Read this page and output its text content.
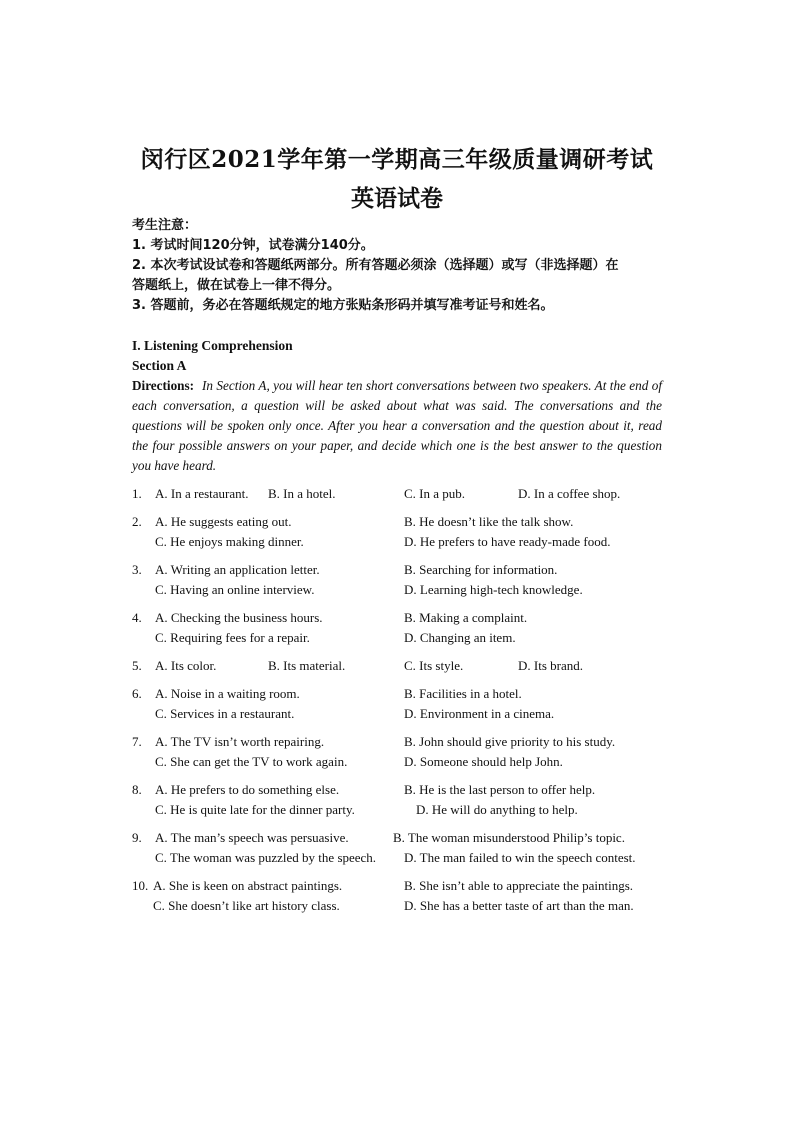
闵行区2021学年第一学期高三年级质量调研考试
英语试卷
考生注意：
1. 考试时间120分钟，试卷满分140分。
2. 本次考试设试卷和答题纸两部分。所有答题必须涂（选择题）或写（非选择题）在
答题纸上，做在试卷上一律不得分。
3. 答题前，务必在答题纸规定的地方张贴条形码并填写准考证号和姓名。
I. Listening Comprehension
Section A
Directions: In Section A, you will hear ten short conversations between two speakers. At the end of each conversation, a question will be asked about what was said. The conversations and the questions will be spoken only once. After you hear a conversation and the question about it, read the four possible answers on your paper, and decide which one is the best answer to the question you have heard.
1. A. In a restaurant. B. In a hotel.	C. In a pub.	D. In a coffee shop.
2. A. He suggests eating out.	B. He doesn’t like the talk show.
C. He enjoys making dinner.	D. He prefers to have ready-made food.
3. A. Writing an application letter.	B. Searching for information.
C. Having an online interview.	D. Learning high-tech knowledge.
4. A. Checking the business hours.	B. Making a complaint.
C. Requiring fees for a repair.	D. Changing an item.
5. A. Its color.	B. Its material.	C. Its style.	D. Its brand.
6. A. Noise in a waiting room.	B. Facilities in a hotel.
C. Services in a restaurant.	D. Environment in a cinema.
7. A. The TV isn’t worth repairing.	B. John should give priority to his study.
C. She can get the TV to work again.	D. Someone should help John.
8. A. He prefers to do something else.	B. He is the last person to offer help.
C. He is quite late for the dinner party.	D. He will do anything to help.
9. A. The man’s speech was persuasive.	B. The woman misunderstood Philip’s topic.
C. The woman was puzzled by the speech. D. The man failed to win the speech contest.
10. A. She is keen on abstract paintings.	B. She isn’t able to appreciate the paintings.
C. She doesn’t like art history class.	D. She has a better taste of art than the man.
